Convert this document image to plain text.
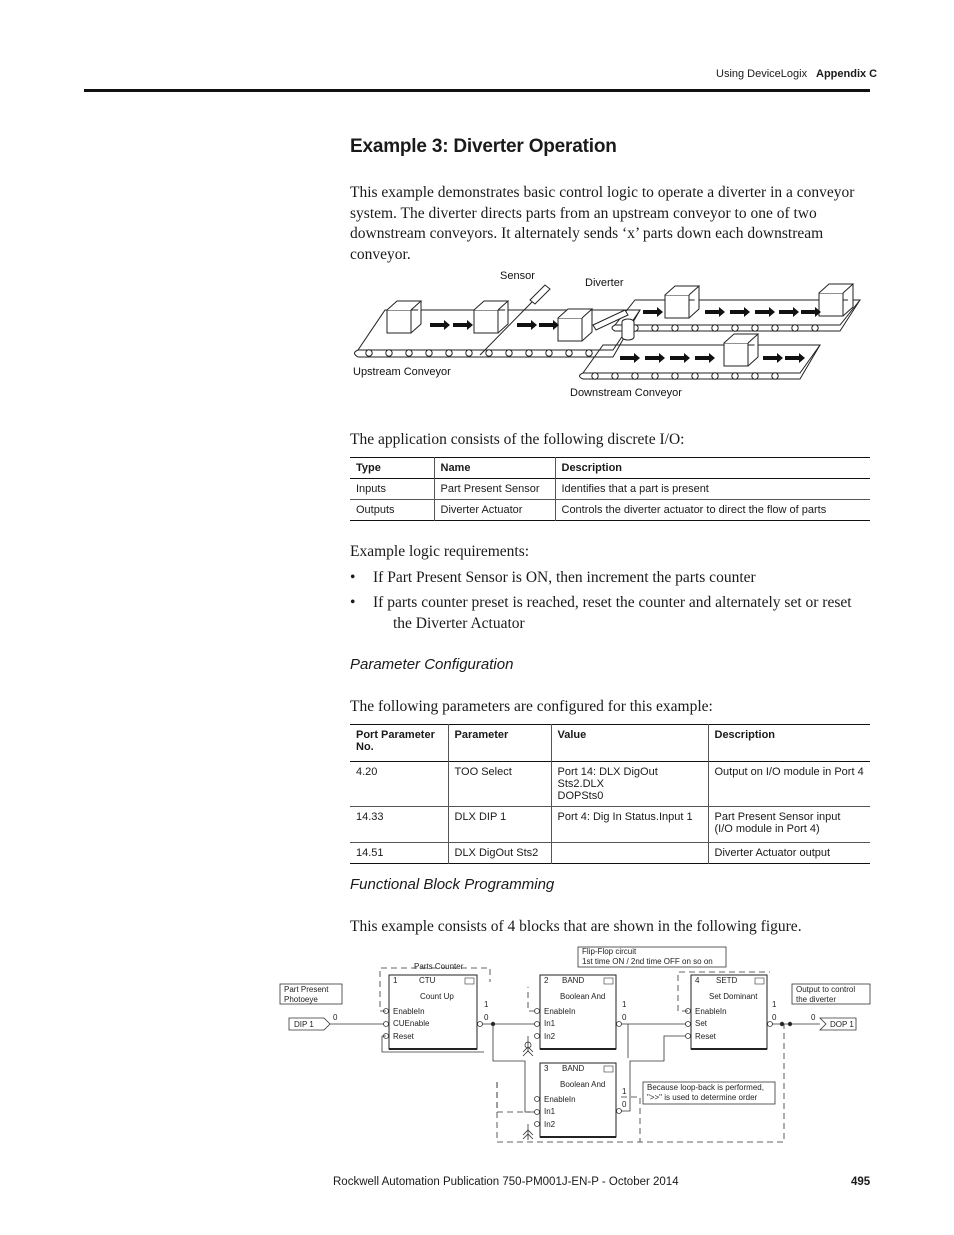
Using DeviceLogix Appendix C
Example 3: Diverter Operation
This example demonstrates basic control logic to operate a diverter in a conveyor system. The diverter directs parts from an upstream conveyor to one of two downstream conveyors. It alternately sends ‘x’ parts down each downstream conveyor.
Sensor
Diverter
Upstream Conveyor
Downstream Conveyor
The application consists of the following discrete I/O:
Type	Name	Description
Inputs	Part Present Sensor	Identifies that a part is present
Outputs	Diverter Actuator	Controls the diverter actuator to direct the flow of parts
Example logic requirements:
• If Part Present Sensor is ON, then increment the parts counter
• If parts counter preset is reached, reset the counter and alternately set or reset
the Diverter Actuator
Parameter Configuration
The following parameters are configured for this example:
Port Parameter No.	Parameter	Value	Description
4.20	TOO Select	Port 14: DLX DigOut Sts2.DLX
DOPSts0	Output on I/O module in Port 4

14.33	DLX DIP 1	Port 4: Dig In Status.Input 1	Part Present Sensor input
(I/O module in Port 4)

14.51	DLX DigOut Sts2		Diverter Actuator output
Functional Block Programming
This example consists of 4 blocks that are shown in the following figure.
Flip-Flop circuit
1st time ON / 2nd time OFF on so on
Parts Counter
Part Present
Photoeye
Output to control
the diverter
DIP 1
0
DOP 1
0
1	CTU
Count Up
EnableIn
CUEnable
Reset
1
0
2 BAND
Boolean And
EnableIn
In1
In2
1
0
3 BAND
Boolean And
EnableIn
In1
In2
1
0
4 SETD
Set Dominant
EnableIn
Set
Reset
1
0
Because loop-back is performed,
">>" is used to determine order
Rockwell Automation Publication 750-PM001J-EN-P - October 2014	495
